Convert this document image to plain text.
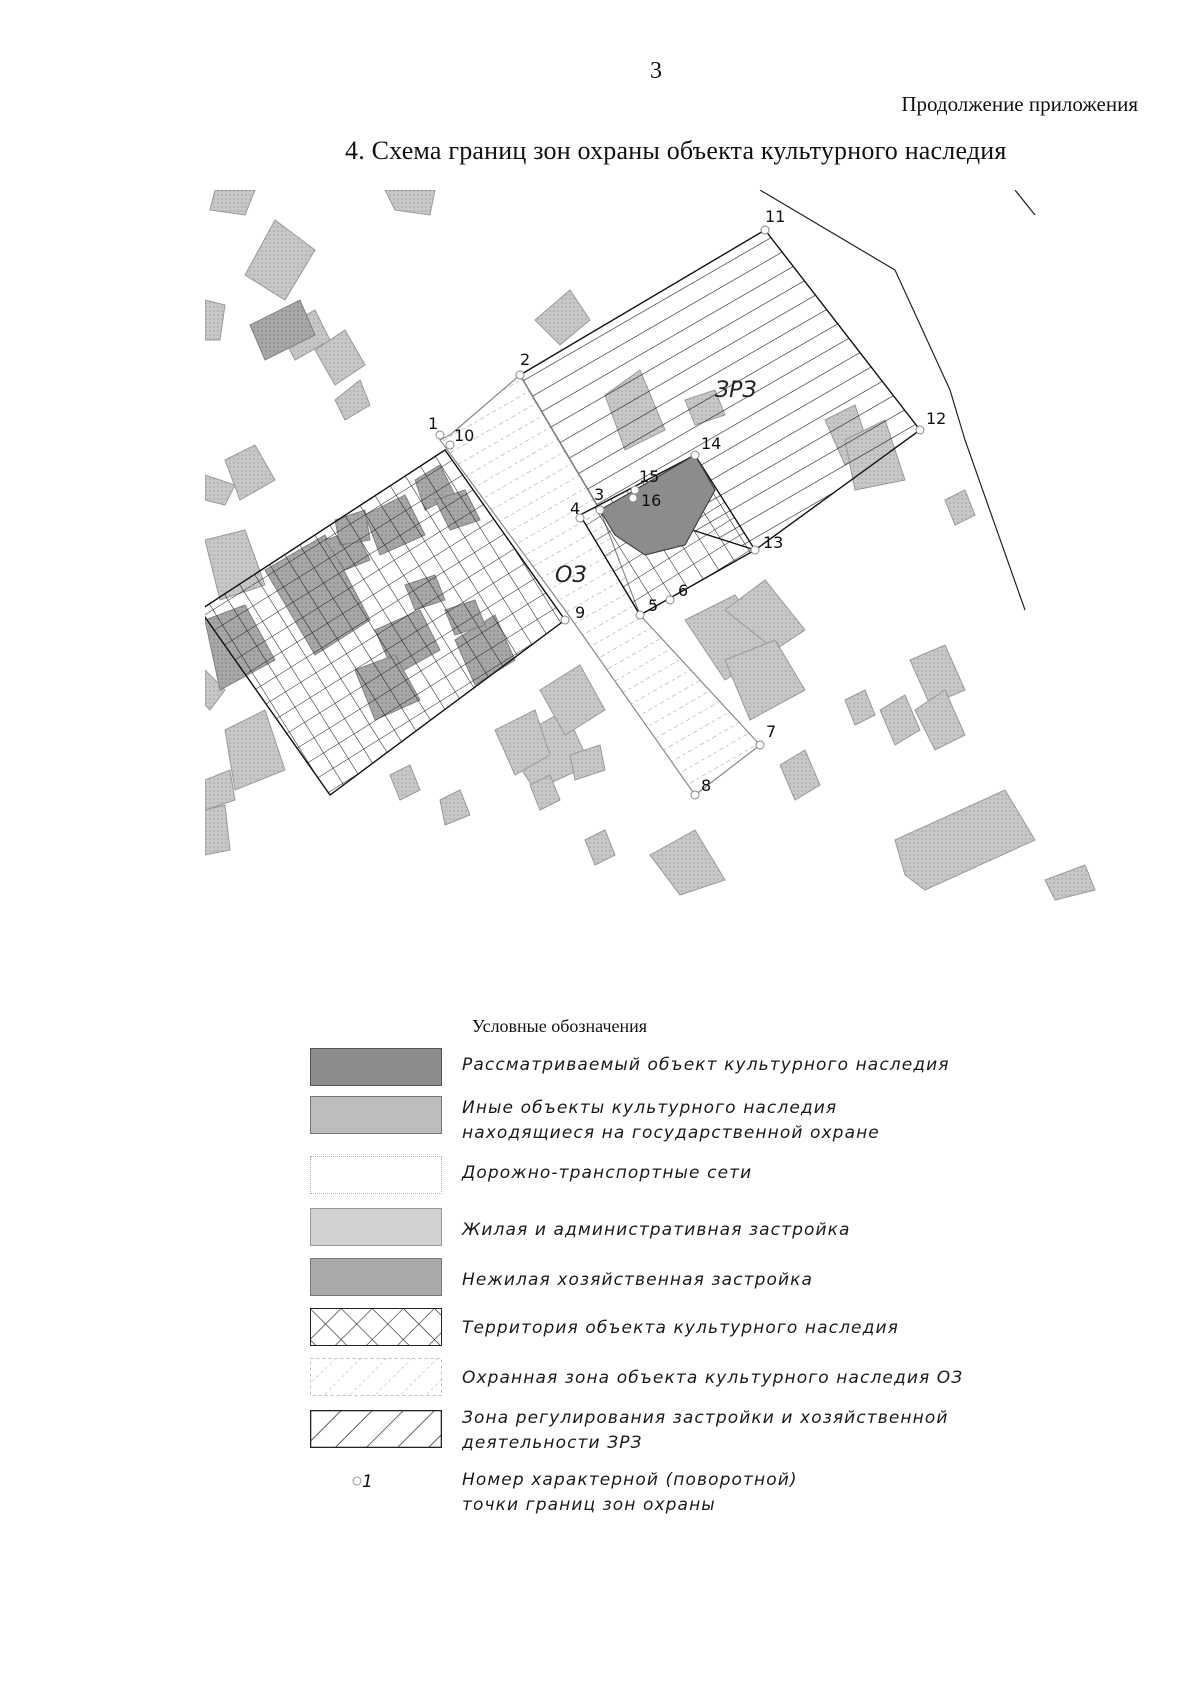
3
Продолжение приложения
4. Схема границ зон охраны объекта культурного наследия
ЗРЗ
ОЗ
1
2
3
4
5
6
7
8
9
10
11
12
13
14
15
16
Условные обозначения
Рассматриваемый объект культурного наследия
Иные объекты культурного наследия
находящиеся на государственной охране
Дорожно-транспортные сети
Жилая и административная застройка
Нежилая хозяйственная застройка
Территория объекта культурного наследия
Охранная зона объекта культурного наследия ОЗ
Зона регулирования застройки и хозяйственной
деятельности ЗРЗ
1	Номер характерной (поворотной)
точки границ зон охраны
